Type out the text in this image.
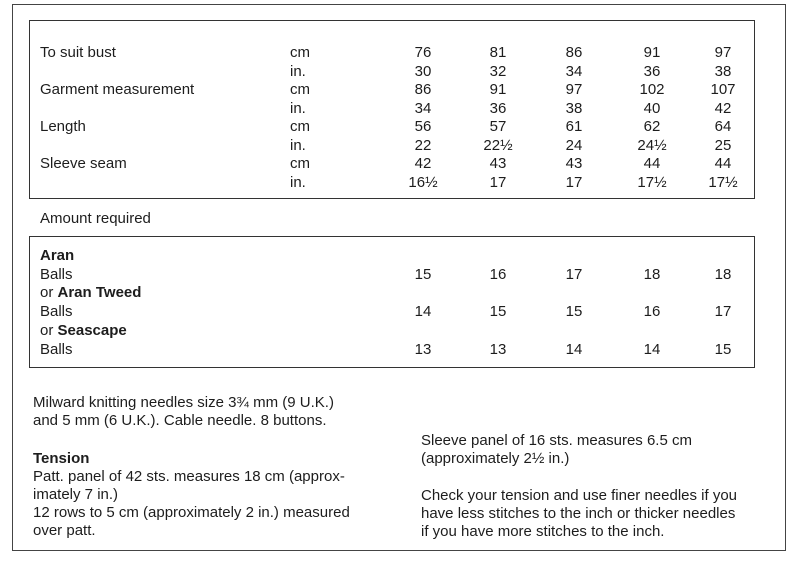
To suit bust	cm	76	81	86	91	97
in.	30	32	34	36	38
Garment measurement	cm	86	91	97	102	107
in.	34	36	38	40	42
Length	cm	56	57	61	62	64
in.	22	22½	24	24½	25
Sleeve seam	cm	42	43	43	44	44
in.	16½	17	17	17½	17½
Amount required
Aran
Balls	15	16	17	18	18
or Aran Tweed
Balls	14	15	15	16	17
or Seascape
Balls	13	13	14	14	15
Milward knitting needles size 3¾ mm (9 U.K.)
and 5 mm (6 U.K.). Cable needle. 8 buttons.
Tension
Patt. panel of 42 sts. measures 18 cm (approx-
imately 7 in.)
12 rows to 5 cm (approximately 2 in.) measured
over patt.
Sleeve panel of 16 sts. measures 6.5 cm
(approximately 2½ in.)
Check your tension and use finer needles if you
have less stitches to the inch or thicker needles
if you have more stitches to the inch.
